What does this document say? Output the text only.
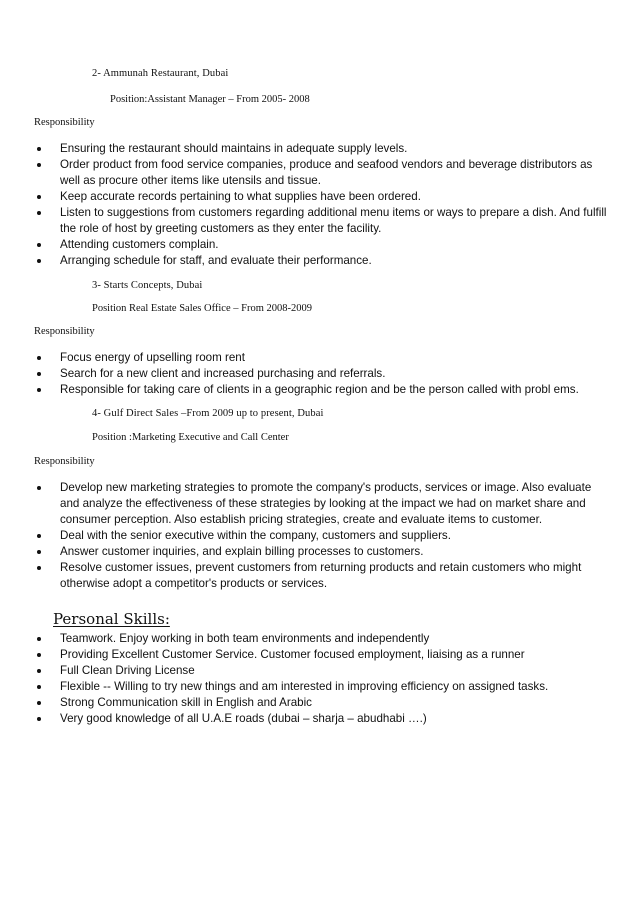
2- Ammunah Restaurant, Dubai
Position:Assistant Manager – From 2005- 2008
Responsibility
Ensuring the restaurant should maintains in adequate supply levels.
Order product from food service companies, produce and seafood vendors and beverage distributors as
well as procure other items like utensils and tissue.
Keep accurate records pertaining to what supplies have been ordered.
Listen to suggestions from customers regarding additional menu items or ways to prepare a dish. And fulfill
the role of host by greeting customers as they enter the facility.
Attending customers complain.
Arranging schedule for staff, and evaluate their performance.
3- Starts Concepts, Dubai
Position Real Estate Sales Office – From 2008-2009
Responsibility
Focus energy of upselling room rent
Search for a new client and increased purchasing and referrals.
Responsible for taking care of clients in a geographic region and be the person called with probl ems.
4- Gulf Direct Sales –From 2009 up to present, Dubai
Position :Marketing Executive and Call Center
Responsibility
Develop new marketing strategies to promote the company's products, services or image. Also evaluate
and analyze the effectiveness of these strategies by looking at the impact we had on market share and
consumer perception. Also establish pricing strategies, create and evaluate items to customer.
Deal with the senior executive within the company, customers and suppliers.
Answer customer inquiries, and explain billing processes to customers.
Resolve customer issues, prevent customers from returning products and retain customers who might
otherwise adopt a competitor's products or services.
Personal Skills:
Teamwork. Enjoy working in both team environments and independently
Providing Excellent Customer Service. Customer focused employment, liaising as a runner
Full Clean Driving License
Flexible -- Willing to try new things and am interested in improving efficiency on assigned tasks.
Strong Communication skill in English and Arabic
Very good knowledge of all U.A.E roads (dubai – sharja – abudhabi ….)
